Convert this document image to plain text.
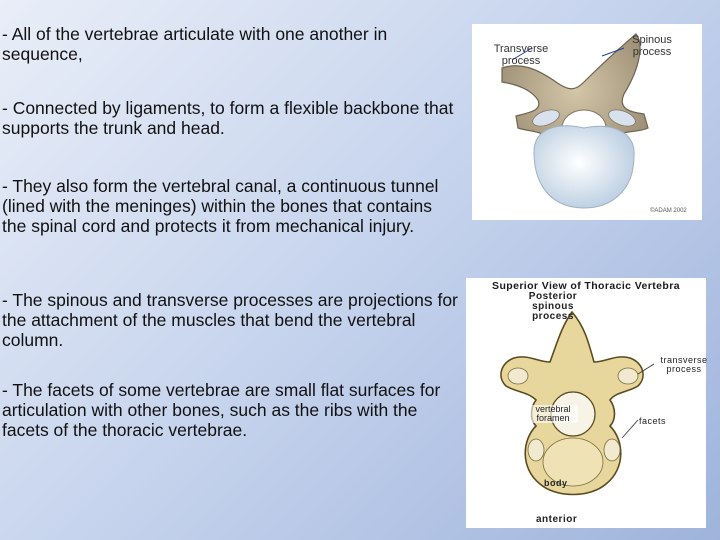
- All of the vertebrae articulate with one another in sequence,
- Connected by ligaments, to form a flexible backbone that supports the trunk and head.
- They also form the vertebral canal, a continuous tunnel (lined with the meninges) within the bones that contains the spinal cord and protects it from mechanical injury.
- The spinous and transverse processes are projections for the attachment of the muscles that bend the vertebral column.
- The facets of some vertebrae are small flat surfaces for articulation with other bones, such as the ribs with the facets of the thoracic vertebrae.
Transverse process
Spinous process
©ADAM 2002
Superior View of Thoracic Vertebra
Posterior spinous process
transverse process
vertebral foramen	facets
body
anterior
